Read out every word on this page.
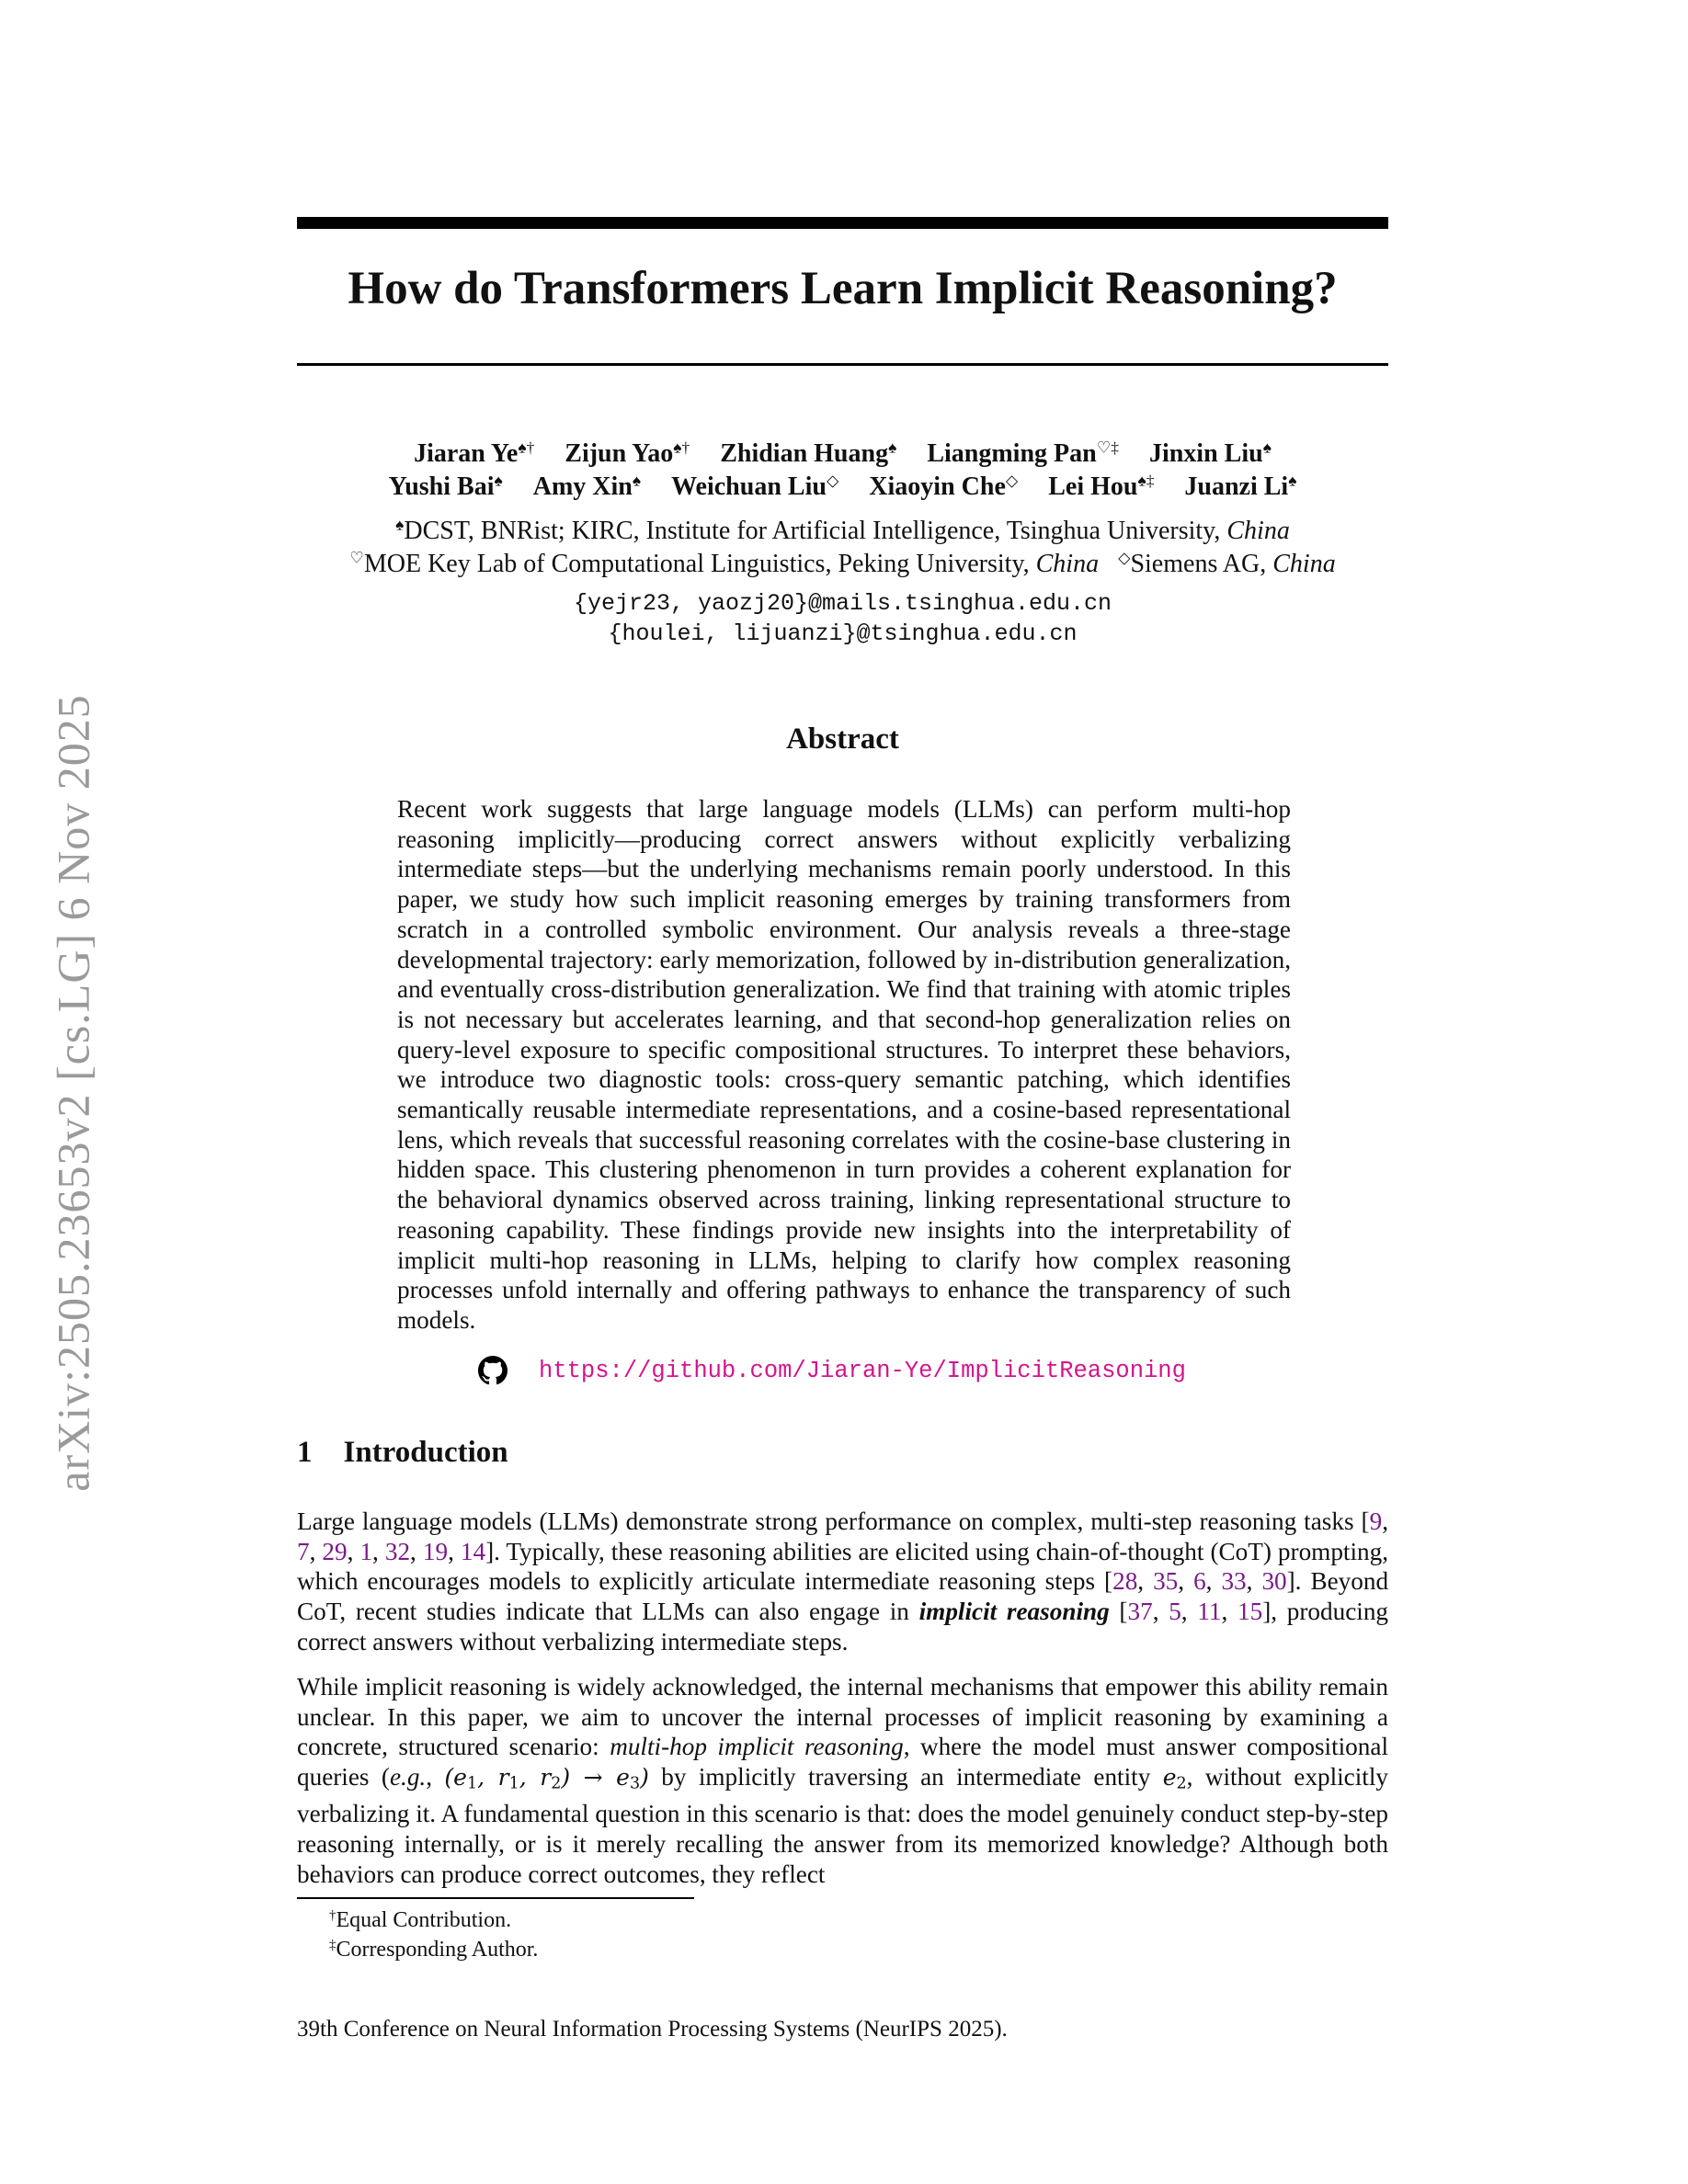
arXiv:2505.23653v2 [cs.LG] 6 Nov 2025
How do Transformers Learn Implicit Reasoning?
Jiaran Ye♠† Zijun Yao♠† Zhidian Huang♠ Liangming Pan♡‡ Jinxin Liu♠
Yushi Bai♠ Amy Xin♠ Weichuan Liu◇ Xiaoyin Che◇ Lei Hou♠‡ Juanzi Li♠
♠DCST, BNRist; KIRC, Institute for Artificial Intelligence, Tsinghua University, China
♡MOE Key Lab of Computational Linguistics, Peking University, China ◇Siemens AG, China
{yejr23, yaozj20}@mails.tsinghua.edu.cn
{houlei, lijuanzi}@tsinghua.edu.cn
Abstract

Recent work suggests that large language models (LLMs) can perform multi-hop reasoning implicitly—producing correct answers without explicitly verbalizing intermediate steps—but the underlying mechanisms remain poorly understood. In this paper, we study how such implicit reasoning emerges by training transformers from scratch in a controlled symbolic environment. Our analysis reveals a three-stage developmental trajectory: early memorization, followed by in-distribution generalization, and eventually cross-distribution generalization. We find that training with atomic triples is not necessary but accelerates learning, and that second-hop generalization relies on query-level exposure to specific compositional structures. To interpret these behaviors, we introduce two diagnostic tools: cross-query semantic patching, which identifies semantically reusable intermediate representations, and a cosine-based representational lens, which reveals that successful reasoning correlates with the cosine-base clustering in hidden space. This clustering phenomenon in turn provides a coherent explanation for the behavioral dynamics observed across training, linking representational structure to reasoning capability. These findings provide new insights into the interpretability of implicit multi-hop reasoning in LLMs, helping to clarify how complex reasoning processes unfold internally and offering pathways to enhance the transparency of such models.

https://github.com/Jiaran-Ye/ImplicitReasoning
1 Introduction

Large language models (LLMs) demonstrate strong performance on complex, multi-step reasoning tasks [9, 7, 29, 1, 32, 19, 14]. Typically, these reasoning abilities are elicited using chain-of-thought (CoT) prompting, which encourages models to explicitly articulate intermediate reasoning steps [28, 35, 6, 33, 30]. Beyond CoT, recent studies indicate that LLMs can also engage in implicit reasoning [37, 5, 11, 15], producing correct answers without verbalizing intermediate steps.

While implicit reasoning is widely acknowledged, the internal mechanisms that empower this ability remain unclear. In this paper, we aim to uncover the internal processes of implicit reasoning by examining a concrete, structured scenario: multi-hop implicit reasoning, where the model must answer compositional queries (e.g., (e1, r1, r2) → e3) by implicitly traversing an intermediate entity e2, without explicitly verbalizing it. A fundamental question in this scenario is that: does the model genuinely conduct step-by-step reasoning internally, or is it merely recalling the answer from its memorized knowledge? Although both behaviors can produce correct outcomes, they reflect

†Equal Contribution.
‡Corresponding Author.
39th Conference on Neural Information Processing Systems (NeurIPS 2025).
